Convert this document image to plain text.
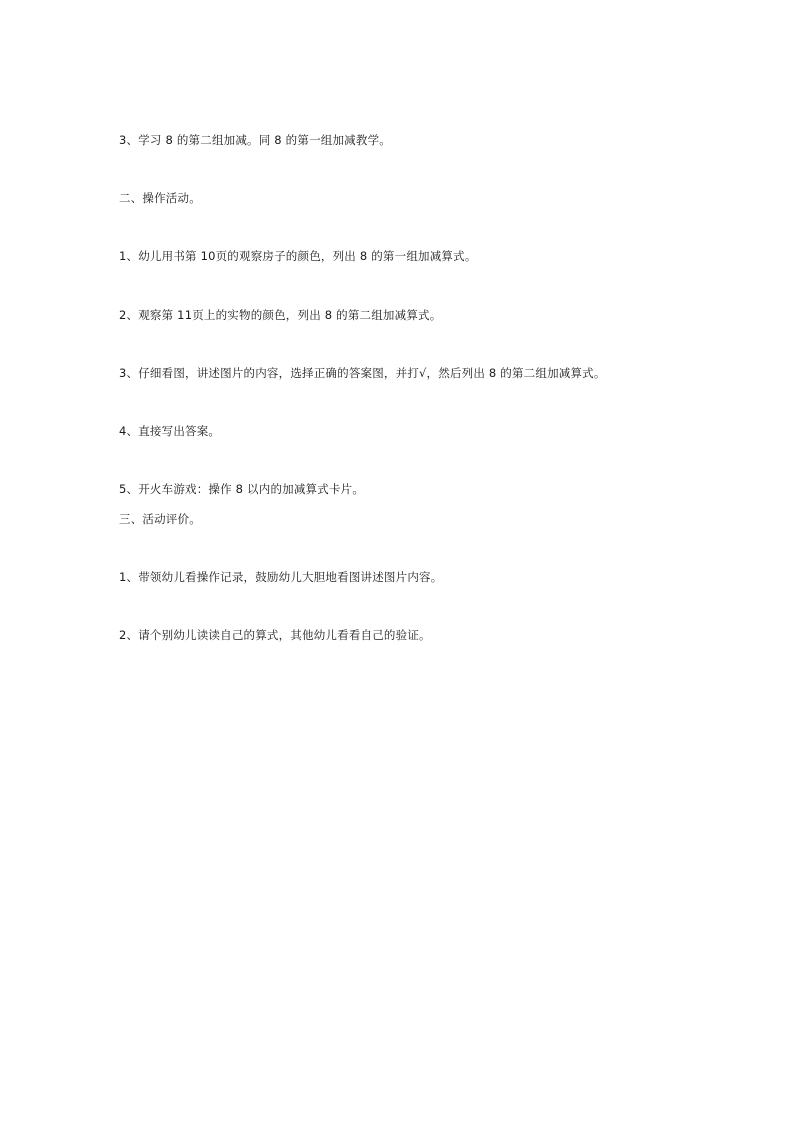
3、学习 8 的第二组加减。同 8 的第一组加减教学。
二、操作活动。
1、幼儿用书第 10页的观察房子的颜色，列出 8 的第一组加减算式。
2、观察第 11页上的实物的颜色，列出 8 的第二组加减算式。
3、仔细看图，讲述图片的内容，选择正确的答案图，并打√，然后列出 8 的第二组加减算式。
4、直接写出答案。
5、开火车游戏：操作 8 以内的加减算式卡片。
三、活动评价。
1、带领幼儿看操作记录，鼓励幼儿大胆地看图讲述图片内容。
2、请个别幼儿读读自己的算式，其他幼儿看看自己的验证。
